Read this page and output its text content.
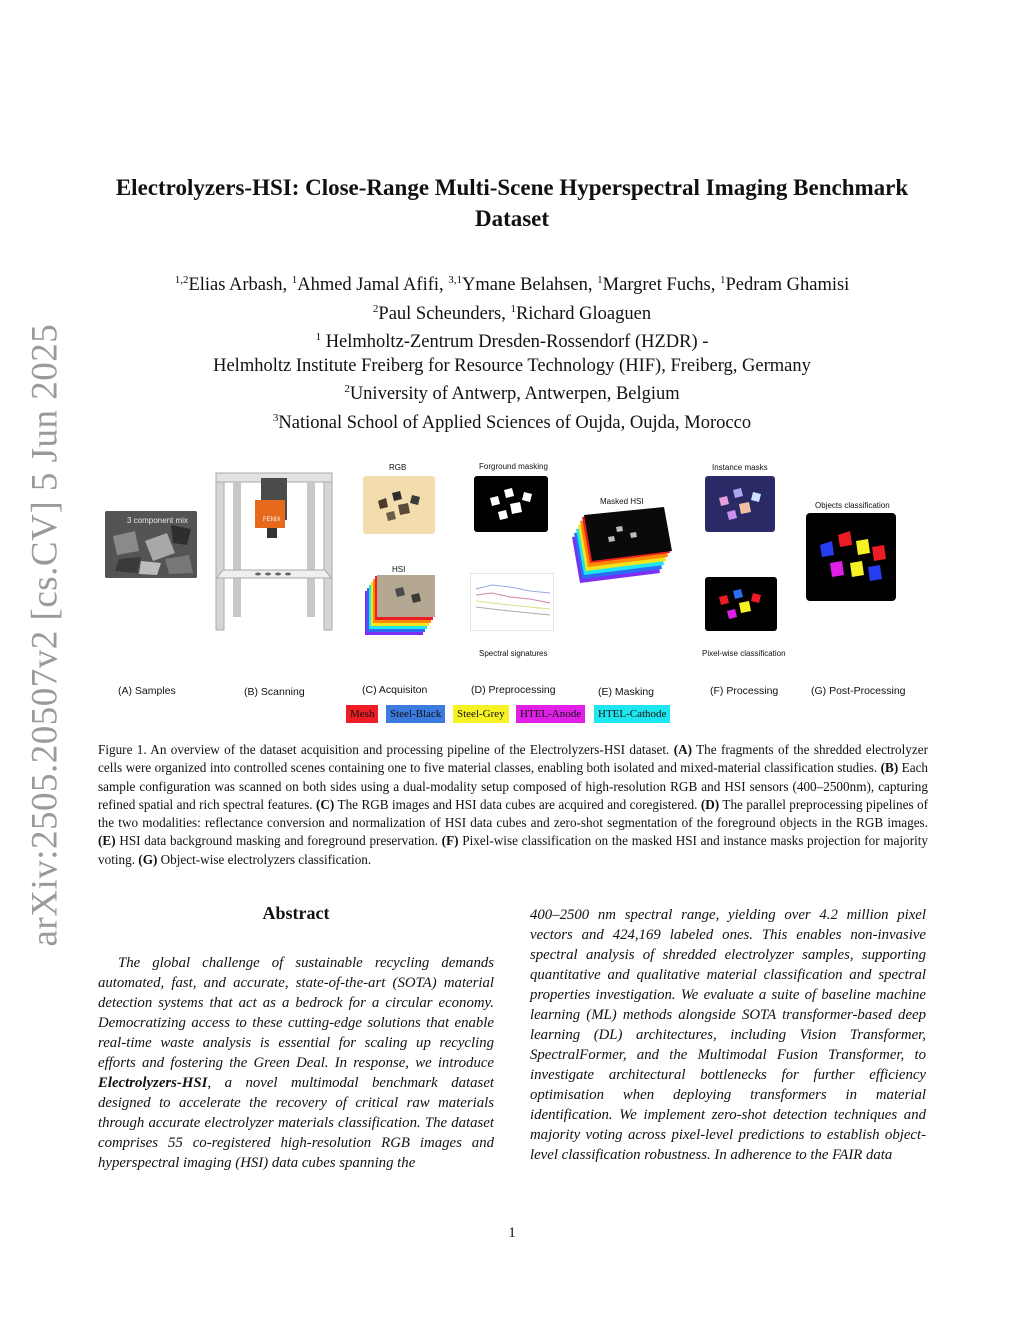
arXiv:2505.20507v2 [cs.CV] 5 Jun 2025
Electrolyzers-HSI: Close-Range Multi-Scene Hyperspectral Imaging Benchmark Dataset
$^{1,2}$Elias Arbash, $^1$Ahmed Jamal Afifi, $^{3,1}$Ymane Belahsen, $^1$Margret Fuchs, $^1$Pedram Ghamisi
$^2$Paul Scheunders, $^1$Richard Gloaguen
$^1$ Helmholtz-Zentrum Dresden-Rossendorf (HZDR) -
Helmholtz Institute Freiberg for Resource Technology (HIF), Freiberg, Germany
$^2$University of Antwerp, Antwerpen, Belgium
$^3$National School of Applied Sciences of Oujda, Oujda, Morocco
3 component mix	FENIX
RGB
HSI
Forground masking
Spectral signatures
Masked HSI
Instance masks
Pixel-wise classification
Objects classification
(A) Samples	(B) Scanning	(C) Acquisiton	(D) Preprocessing	(E) Masking	(F) Processing	(G) Post-Processing
Mesh	Steel-Black	Steel-Grey	HTEL-Anode	HTEL-Cathode
Figure 1. An overview of the dataset acquisition and processing pipeline of the Electrolyzers-HSI dataset. (A) The fragments of the shredded electrolyzer cells were organized into controlled scenes containing one to five material classes, enabling both isolated and mixed-material classification studies. (B) Each sample configuration was scanned on both sides using a dual-modality setup composed of high-resolution RGB and HSI sensors (400–2500nm), capturing refined spatial and rich spectral features. (C) The RGB images and HSI data cubes are acquired and coregistered. (D) The parallel preprocessing pipelines of the two modalities: reflectance conversion and normalization of HSI data cubes and zero-shot segmentation of the foreground objects in the RGB images. (E) HSI data background masking and foreground preservation. (F) Pixel-wise classification on the masked HSI and instance masks projection for majority voting. (G) Object-wise electrolyzers classification.
Abstract
The global challenge of sustainable recycling demands automated, fast, and accurate, state-of-the-art (SOTA) material detection systems that act as a bedrock for a circular economy. Democratizing access to these cutting-edge solutions that enable real-time waste analysis is essential for scaling up recycling efforts and fostering the Green Deal. In response, we introduce Electrolyzers-HSI, a novel multimodal benchmark dataset designed to accelerate the recovery of critical raw materials through accurate electrolyzer materials classification. The dataset comprises 55 co-registered high-resolution RGB images and hyperspectral imaging (HSI) data cubes spanning the
400–2500 nm spectral range, yielding over 4.2 million pixel vectors and 424,169 labeled ones. This enables non-invasive spectral analysis of shredded electrolyzer samples, supporting quantitative and qualitative material classification and spectral properties investigation. We evaluate a suite of baseline machine learning (ML) methods alongside SOTA transformer-based deep learning (DL) architectures, including Vision Transformer, SpectralFormer, and the Multimodal Fusion Transformer, to investigate architectural bottlenecks for further efficiency optimisation when deploying transformers in material identification. We implement zero-shot detection techniques and majority voting across pixel-level predictions to establish object-level classification robustness. In adherence to the FAIR data
1
